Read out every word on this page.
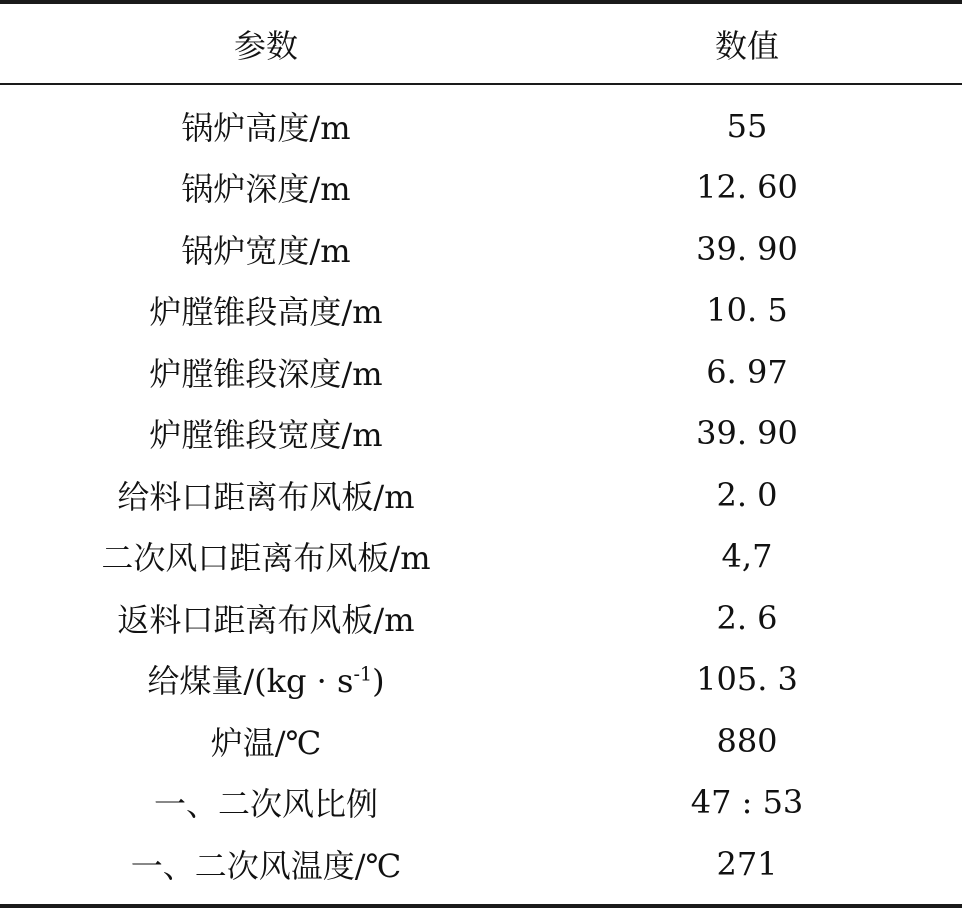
参数	数值
锅炉高度/m	55
锅炉深度/m	12. 60
锅炉宽度/m	39. 90
炉膛锥段高度/m	10. 5
炉膛锥段深度/m	6. 97
炉膛锥段宽度/m	39. 90
给料口距离布风板/m	2. 0
二次风口距离布风板/m	4,7
返料口距离布风板/m	2. 6
给煤量$/(kg \cdot s^{-1})$	105. 3
炉温/℃	880
一、二次风比例	47 : 53
一、二次风温度/℃	271
